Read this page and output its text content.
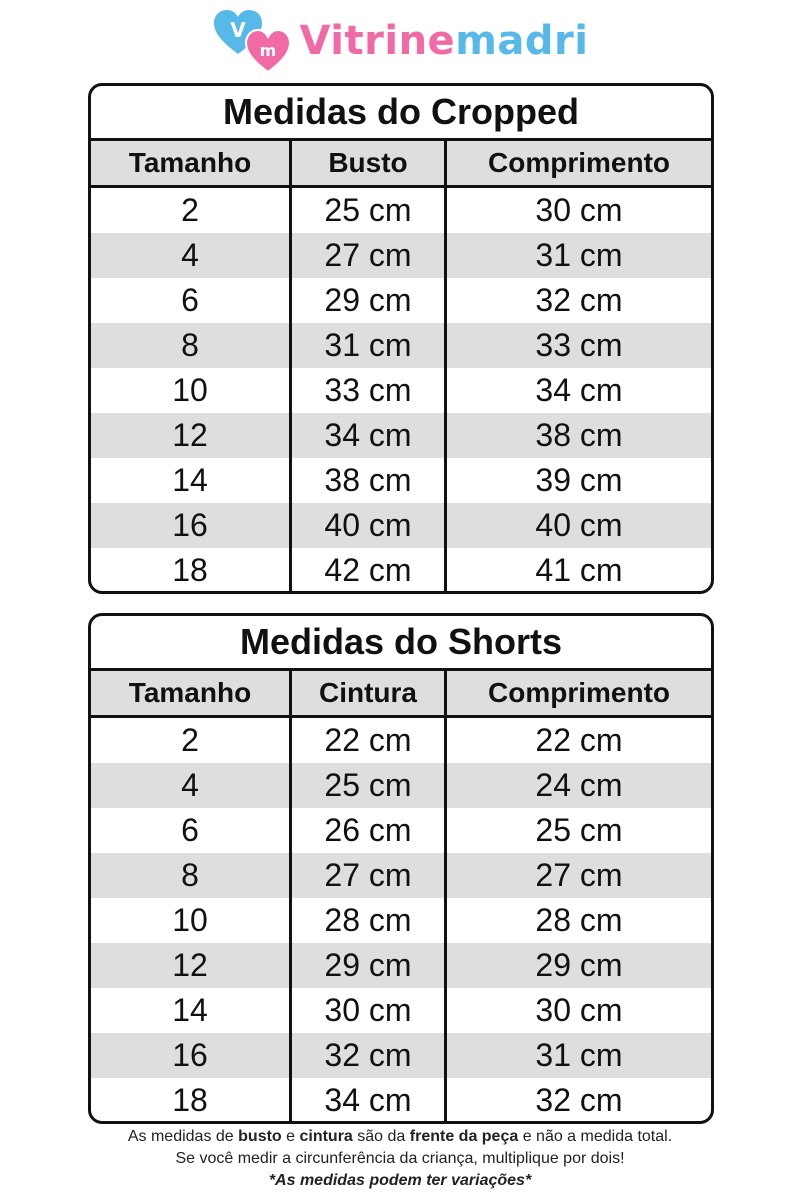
V
m Vitrinemadri
Medidas do Cropped
Tamanho	Busto	Comprimento
2	25 cm	30 cm
4	27 cm	31 cm
6	29 cm	32 cm
8	31 cm	33 cm
10	33 cm	34 cm
12	34 cm	38 cm
14	38 cm	39 cm
16	40 cm	40 cm
18	42 cm	41 cm
Medidas do Shorts
Tamanho	Cintura	Comprimento
2	22 cm	22 cm
4	25 cm	24 cm
6	26 cm	25 cm
8	27 cm	27 cm
10	28 cm	28 cm
12	29 cm	29 cm
14	30 cm	30 cm
16	32 cm	31 cm
18	34 cm	32 cm
As medidas de busto e cintura são da frente da peça e não a medida total.
Se você medir a circunferência da criança, multiplique por dois!
*As medidas podem ter variações*
